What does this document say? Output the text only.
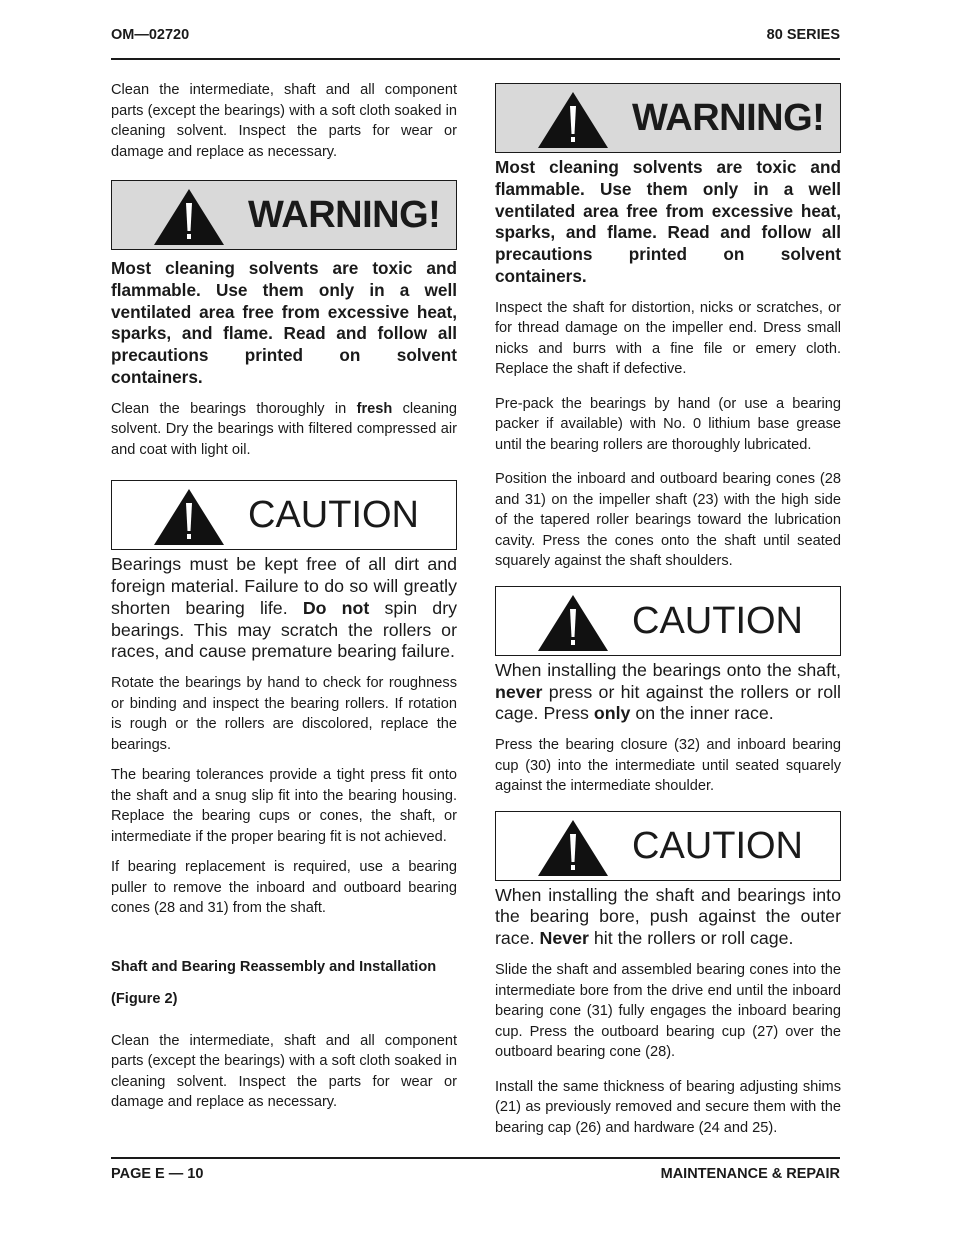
OM—02720	80 SERIES

Clean the intermediate, shaft and all component parts (except the bearings) with a soft cloth soaked in cleaning solvent. Inspect the parts for wear or damage and replace as necessary.

WARNING!

Most cleaning solvents are toxic and flammable. Use them only in a well ventilated area free from excessive heat, sparks, and flame. Read and follow all precautions printed on solvent containers.

Clean the bearings thoroughly in fresh cleaning solvent. Dry the bearings with filtered compressed air and coat with light oil.

CAUTION

Bearings must be kept free of all dirt and foreign material. Failure to do so will greatly shorten bearing life. Do not spin dry bearings. This may scratch the rollers or races, and cause premature bearing failure.

Rotate the bearings by hand to check for roughness or binding and inspect the bearing rollers. If rotation is rough or the rollers are discolored, replace the bearings.

The bearing tolerances provide a tight press fit onto the shaft and a snug slip fit into the bearing housing. Replace the bearing cups or cones, the shaft, or intermediate if the proper bearing fit is not achieved.

If bearing replacement is required, use a bearing puller to remove the inboard and outboard bearing cones (28 and 31) from the shaft.

Shaft and Bearing Reassembly and Installation

(Figure 2)

Clean the intermediate, shaft and all component parts (except the bearings) with a soft cloth soaked in cleaning solvent. Inspect the parts for wear or damage and replace as necessary.

WARNING!

Most cleaning solvents are toxic and flammable. Use them only in a well ventilated area free from excessive heat, sparks, and flame. Read and follow all precautions printed on solvent containers.

Inspect the shaft for distortion, nicks or scratches, or for thread damage on the impeller end. Dress small nicks and burrs with a fine file or emery cloth. Replace the shaft if defective.

Pre-pack the bearings by hand (or use a bearing packer if available) with No. 0 lithium base grease until the bearing rollers are thoroughly lubricated.

Position the inboard and outboard bearing cones (28 and 31) on the impeller shaft (23) with the high side of the tapered roller bearings toward the lubrication cavity. Press the cones onto the shaft until seated squarely against the shaft shoulders.

CAUTION

When installing the bearings onto the shaft, never press or hit against the rollers or roll cage. Press only on the inner race.

Press the bearing closure (32) and inboard bearing cup (30) into the intermediate until seated squarely against the intermediate shoulder.

CAUTION

When installing the shaft and bearings into the bearing bore, push against the outer race. Never hit the rollers or roll cage.

Slide the shaft and assembled bearing cones into the intermediate bore from the drive end until the inboard bearing cone (31) fully engages the inboard bearing cup. Press the outboard bearing cup (27) over the outboard bearing cone (28).

Install the same thickness of bearing adjusting shims (21) as previously removed and secure them with the bearing cap (26) and hardware (24 and 25).

PAGE E — 10	MAINTENANCE & REPAIR
